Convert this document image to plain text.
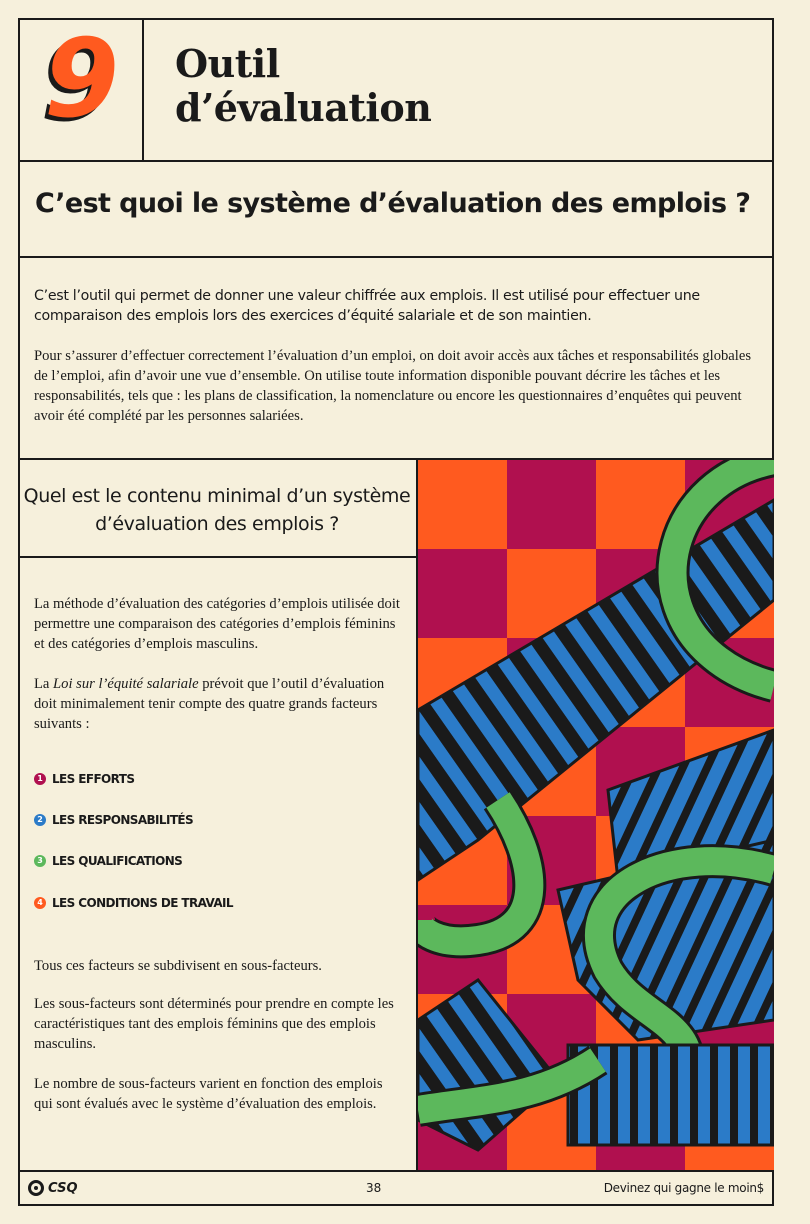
9 Outil
d’évaluation
C’est quoi le système d’évaluation des emplois ?

C’est l’outil qui permet de donner une valeur chiffrée aux emplois. Il est utilisé pour effectuer une comparaison des emplois lors des exercices d’équité salariale et de son maintien.

Pour s’assurer d’effectuer correctement l’évaluation d’un emploi, on doit avoir accès aux tâches et responsabilités globales de l’emploi, afin d’avoir une vue d’ensemble. On utilise toute information disponible pouvant décrire les tâches et les responsabilités, tels que : les plans de classification, la nomenclature ou encore les questionnaires d’enquêtes qui peuvent avoir été complété par les personnes salariées.

Quel est le contenu minimal d’un système d’évaluation des emplois ?

La méthode d’évaluation des catégories d’emplois utilisée doit permettre une comparaison des catégories d’emplois féminins et des catégories d’emplois masculins.

La Loi sur l’équité salariale prévoit que l’outil d’évaluation doit minimalement tenir compte des quatre grands facteurs suivants :

1 LES EFFORTS
2 LES RESPONSABILITÉS
3 LES QUALIFICATIONS
4 LES CONDITIONS DE TRAVAIL

Tous ces facteurs se subdivisent en sous-facteurs.

Les sous-facteurs sont déterminés pour prendre en compte les caractéristiques tant des emplois féminins que des emplois masculins.

Le nombre de sous-facteurs varient en fonction des emplois qui sont évalués avec le système d’évaluation des emplois.

CSQ	38	Devinez qui gagne le moin$
